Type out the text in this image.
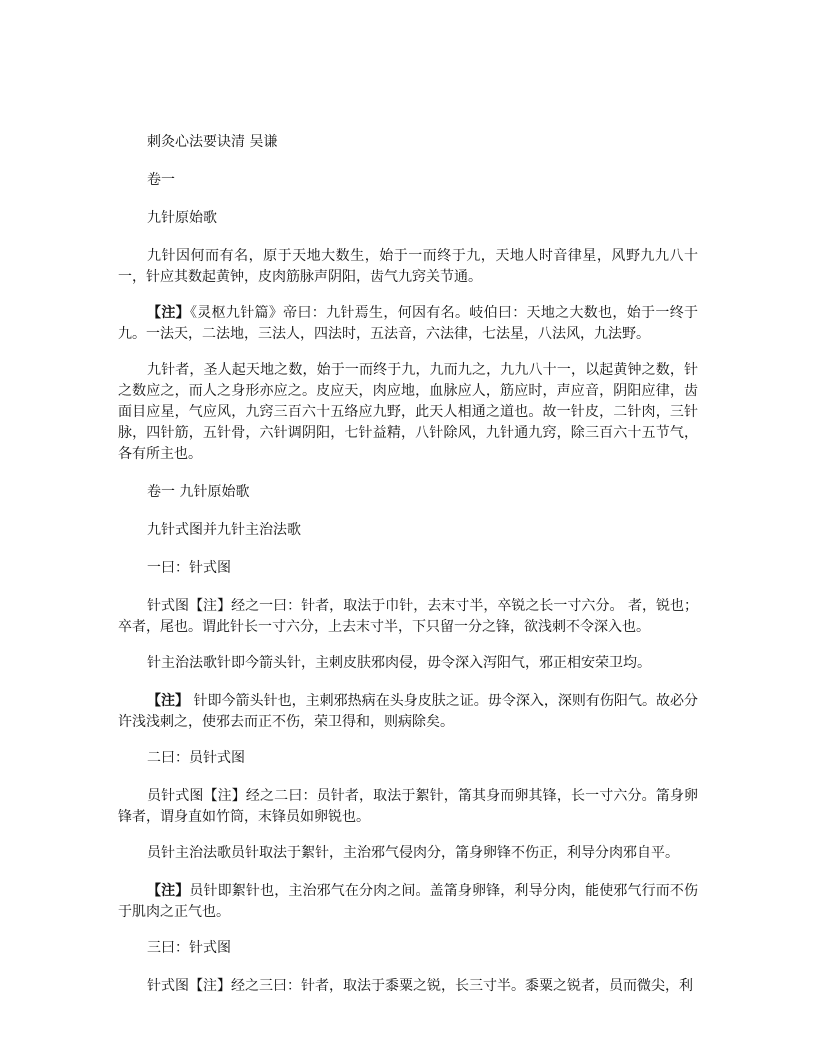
刺灸心法要诀清 吴谦

卷一

九针原始歌

九针因何而有名，原于天地大数生，始于一而终于九，天地人时音律星，风野九九八十一，针应其数起黄钟，皮肉筋脉声阴阳，齿气九窍关节通。

【注】《灵枢九针篇》帝曰：九针焉生，何因有名。岐伯曰：天地之大数也，始于一终于九。一法天，二法地，三法人，四法时，五法音，六法律，七法星，八法风，九法野。

九针者，圣人起天地之数，始于一而终于九，九而九之，九九八十一，以起黄钟之数，针之数应之，而人之身形亦应之。皮应天，肉应地，血脉应人，筋应时，声应音，阴阳应律，齿面目应星，气应风，九窍三百六十五络应九野，此天人相通之道也。故一针皮，二针肉，三针脉，四针筋，五针骨，六针调阴阳，七针益精，八针除风，九针通九窍，除三百六十五节气，各有所主也。

卷一 九针原始歌

九针式图并九针主治法歌

一曰：针式图

针式图【注】经之一曰：针者，取法于巾针，去末寸半，卒锐之长一寸六分。 者，锐也；卒者，尾也。谓此针长一寸六分，上去末寸半，下只留一分之锋，欲浅刺不令深入也。

针主治法歌针即今箭头针，主刺皮肤邪肉侵，毋令深入泻阳气，邪正相安荣卫均。

【注】 针即今箭头针也，主刺邪热病在头身皮肤之证。毋令深入，深则有伤阳气。故必分许浅浅刺之，使邪去而正不伤，荣卫得和，则病除矣。

二曰：员针式图

员针式图【注】经之二曰：员针者，取法于絮针，筩其身而卵其锋，长一寸六分。筩身卵锋者，谓身直如竹筒，末锋员如卵锐也。

员针主治法歌员针取法于絮针，主治邪气侵肉分，筩身卵锋不伤正，利导分肉邪自平。

【注】员针即絮针也，主治邪气在分肉之间。盖筩身卵锋，利导分肉，能使邪气行而不伤于肌肉之正气也。

三曰：针式图

针式图【注】经之三曰：针者，取法于黍粟之锐，长三寸半。黍粟之锐者，员而微尖，利
